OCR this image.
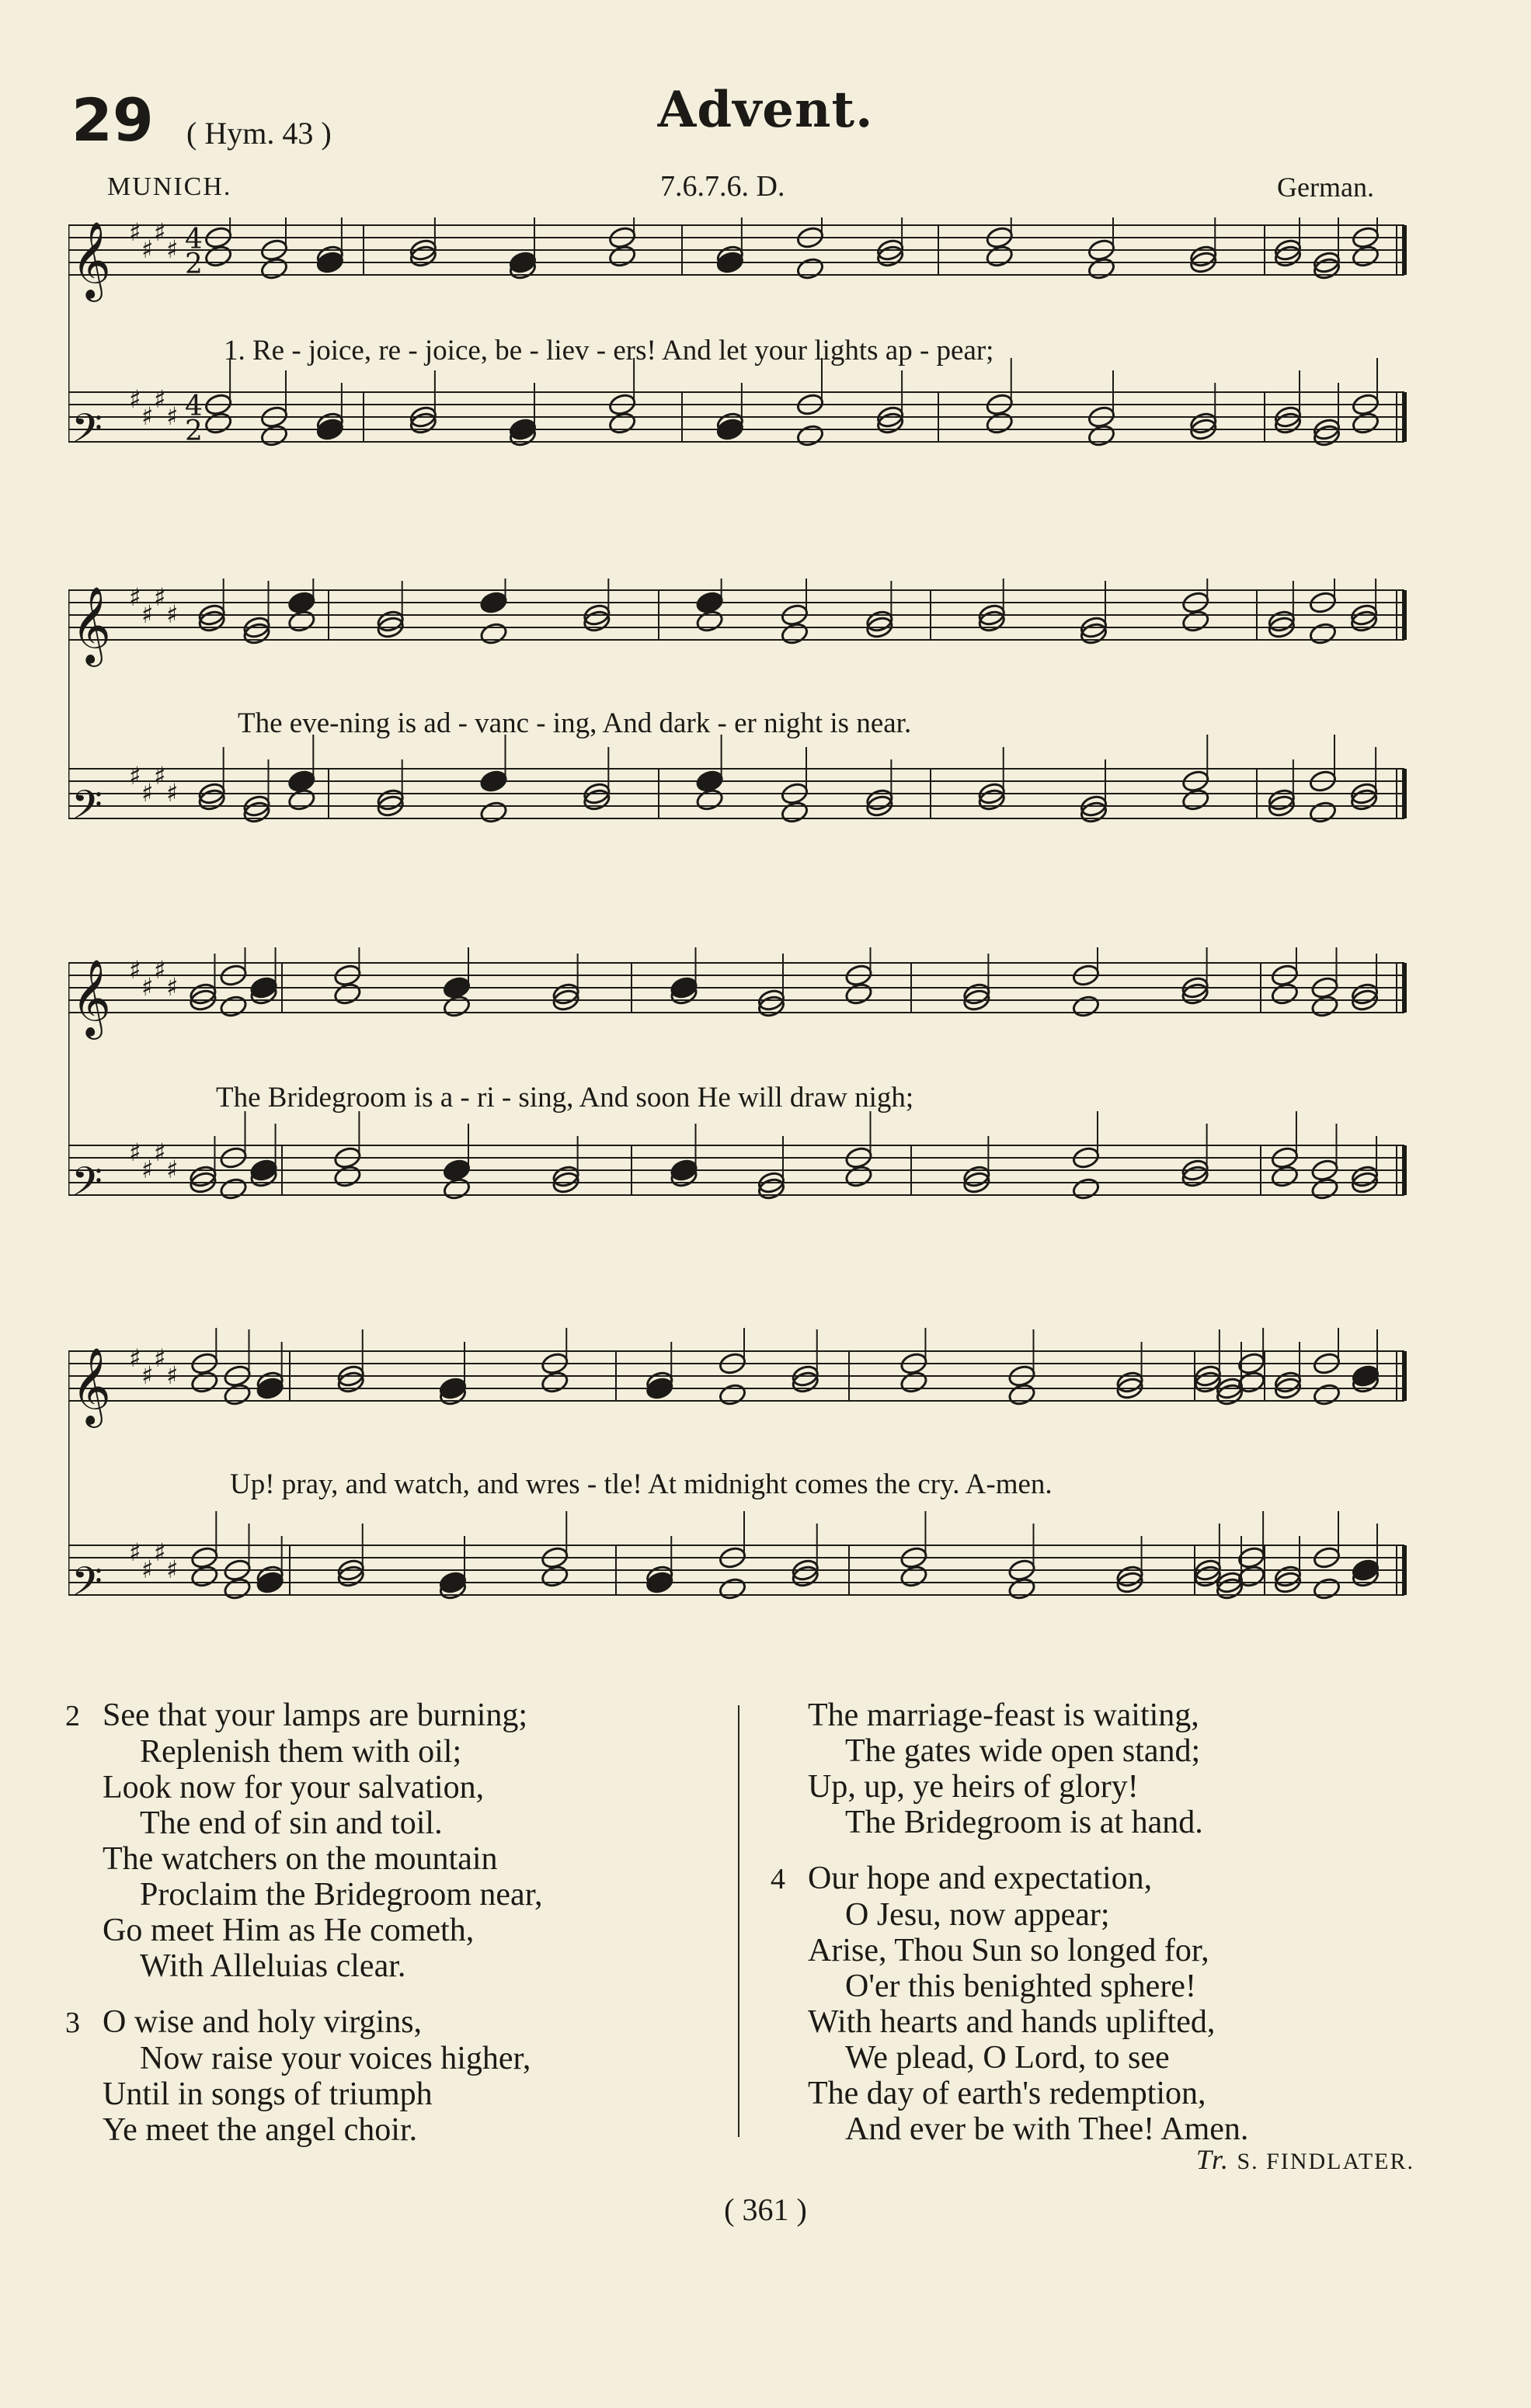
29 ( Hym. 43 )	Advent.
MUNICH.	7.6.7.6. D.	German.
𝄞 ♯
♯
♯
♯ 4
2
𝄢
♯
♯
♯
♯ 4
2
1. Re - joice, re - joice, be - liev - ers! And let your lights ap - pear;
𝄞 ♯
♯
♯
♯
𝄢
♯
♯
♯
♯
The eve-ning is ad - vanc - ing, And dark - er night is near.
𝄞 ♯
♯
♯
♯
𝄢
♯
♯
♯
♯
The Bridegroom is a - ri - sing, And soon He will draw nigh;
𝄞 ♯
♯
♯
♯
𝄢
♯
♯
♯
♯
Up! pray, and watch, and wres - tle! At midnight comes the cry. A-men.
2 See that your lamps are burning;
Replenish them with oil;
Look now for your salvation,
The end of sin and toil.
The watchers on the mountain
Proclaim the Bridegroom near,
Go meet Him as He cometh,
With Alleluias clear.
3 O wise and holy virgins,
Now raise your voices higher,
Until in songs of triumph
Ye meet the angel choir.
The marriage-feast is waiting,
The gates wide open stand;
Up, up, ye heirs of glory!
The Bridegroom is at hand.
4 Our hope and expectation,
O Jesu, now appear;
Arise, Thou Sun so longed for,
O'er this benighted sphere!
With hearts and hands uplifted,
We plead, O Lord, to see
The day of earth's redemption,
And ever be with Thee! Amen.
Tr. S. FINDLATER.
( 361 )
